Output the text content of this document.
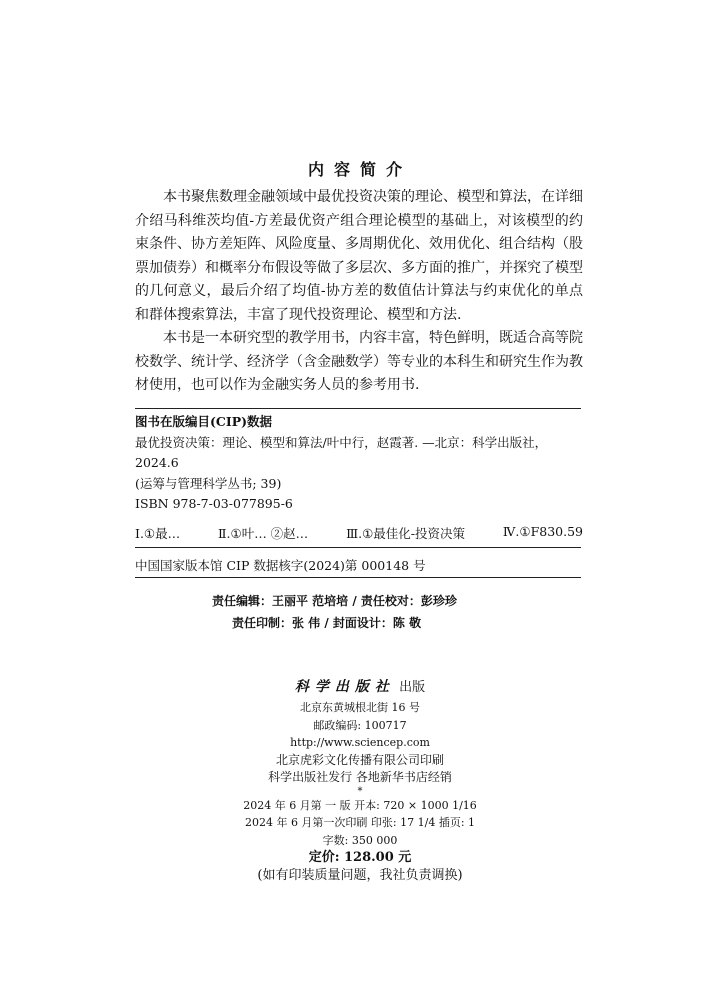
内容简介

本书聚焦数理金融领域中最优投资决策的理论、模型和算法，在详细介绍马科维茨均值-方差最优资产组合理论模型的基础上，对该模型的约束条件、协方差矩阵、风险度量、多周期优化、效用优化、组合结构（股票加债券）和概率分布假设等做了多层次、多方面的推广，并探究了模型的几何意义，最后介绍了均值-协方差的数值估计算法与约束优化的单点和群体搜索算法，丰富了现代投资理论、模型和方法.

本书是一本研究型的教学用书，内容丰富，特色鲜明，既适合高等院校数学、统计学、经济学（含金融数学）等专业的本科生和研究生作为教材使用，也可以作为金融实务人员的参考用书.

图书在版编目(CIP)数据
最优投资决策：理论、模型和算法/叶中行，赵霞著. —北京：科学出版社，
2024.6
(运筹与管理科学丛书; 39)
ISBN 978-7-03-077895-6
Ⅰ.①最…	Ⅱ.①叶… ②赵…	Ⅲ.①最佳化-投资决策	Ⅳ.①F830.59
中国国家版本馆 CIP 数据核字(2024)第 000148 号
责任编辑：王丽平 范培培 / 责任校对：彭珍珍
责任印制：张 伟 / 封面设计：陈 敬
科学出版社 出版
北京东黄城根北街 16 号
邮政编码: 100717
http://www.sciencep.com
北京虎彩文化传播有限公司印刷
科学出版社发行 各地新华书店经销
*
2024 年 6 月第 一 版 开本: 720 × 1000 1/16
2024 年 6 月第一次印刷 印张: 17 1/4 插页: 1
字数: 350 000
定价: 128.00 元
(如有印装质量问题，我社负责调换)
